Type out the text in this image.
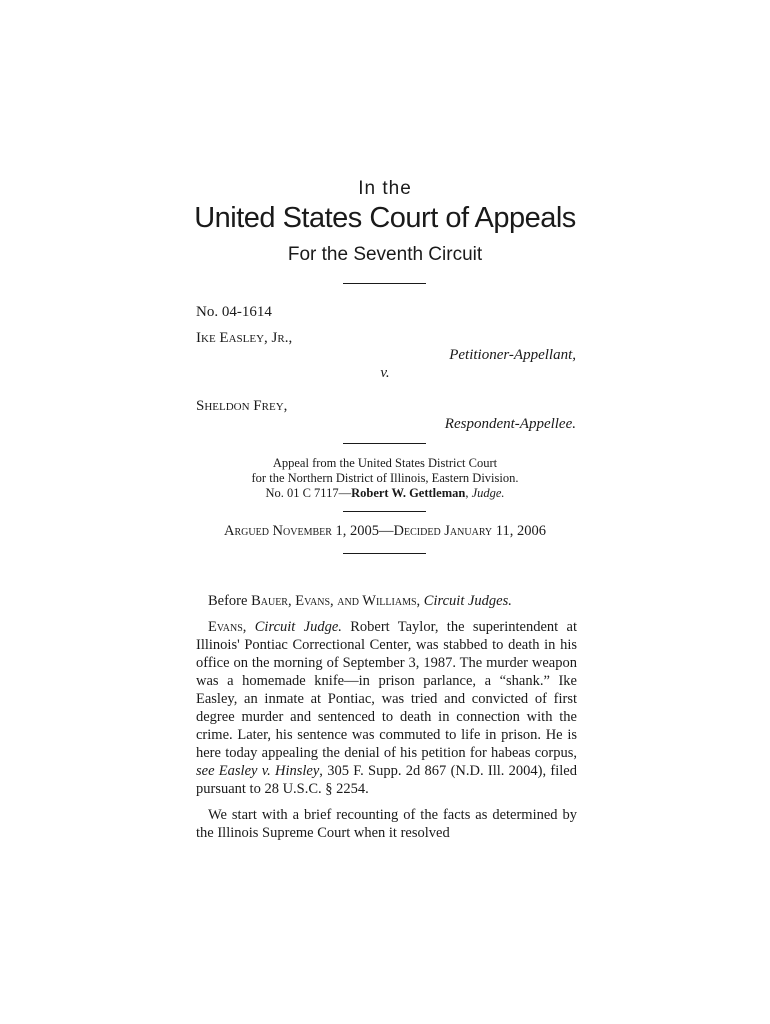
In the
United States Court of Appeals
For the Seventh Circuit
No. 04-1614
Ike Easley, Jr.,
Petitioner-Appellant,
v.
Sheldon Frey,
Respondent-Appellee.
Appeal from the United States District Court
for the Northern District of Illinois, Eastern Division.
No. 01 C 7117—Robert W. Gettleman, Judge.
Argued November 1, 2005—Decided January 11, 2006

Before Bauer, Evans, and Williams, Circuit Judges.

Evans, Circuit Judge. Robert Taylor, the superintendent at Illinois' Pontiac Correctional Center, was stabbed to death in his office on the morning of September 3, 1987. The murder weapon was a homemade knife—in prison parlance, a “shank.” Ike Easley, an inmate at Pontiac, was tried and convicted of first degree murder and sentenced to death in connection with the crime. Later, his sentence was commuted to life in prison. He is here today appealing the denial of his petition for habeas corpus, see Easley v. Hinsley, 305 F. Supp. 2d 867 (N.D. Ill. 2004), filed pursuant to 28 U.S.C. § 2254.

We start with a brief recounting of the facts as determined by the Illinois Supreme Court when it resolved
